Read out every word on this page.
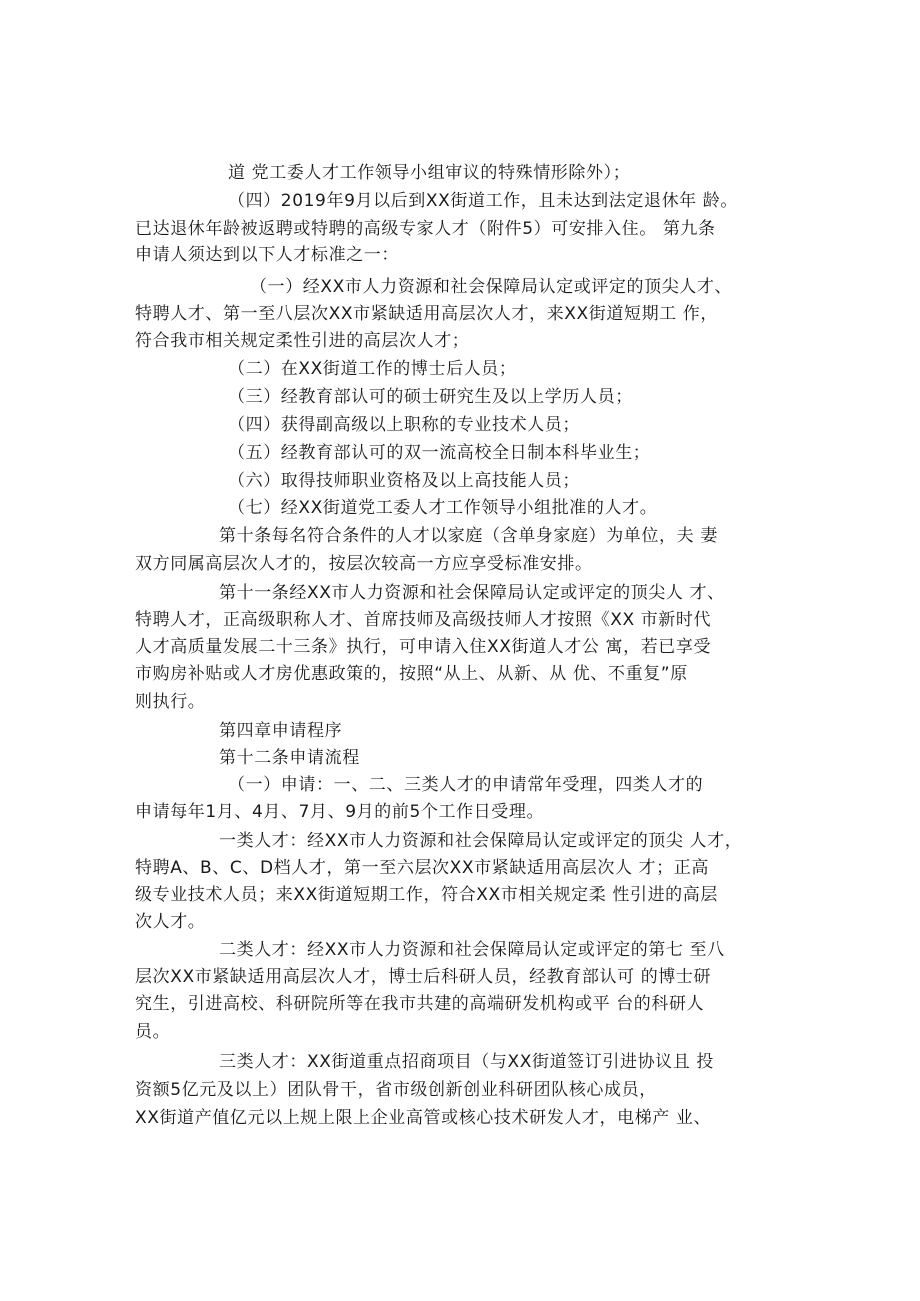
道 党工委人才工作领导小组审议的特殊情形除外）；

（四）2019年9月以后到XX街道工作，且未达到法定退休年 龄。

已达退休年龄被返聘或特聘的高级专家人才（附件5）可安排入住。 第九条

申请人须达到以下人才标准之一：

（一）经XX市人力资源和社会保障局认定或评定的顶尖人才、

特聘人才、第一至八层次XX市紧缺适用高层次人才，来XX街道短期工 作，

符合我市相关规定柔性引进的高层次人才；

（二）在XX街道工作的博士后人员；

（三）经教育部认可的硕士研究生及以上学历人员；

（四）获得副高级以上职称的专业技术人员；

（五）经教育部认可的双一流高校全日制本科毕业生；

（六）取得技师职业资格及以上高技能人员；

（七）经XX街道党工委人才工作领导小组批准的人才。

第十条每名符合条件的人才以家庭（含单身家庭）为单位，夫 妻

双方同属高层次人才的，按层次较高一方应享受标准安排。

第十一条经XX市人力资源和社会保障局认定或评定的顶尖人 才、

特聘人才，正高级职称人才、首席技师及高级技师人才按照《XX 市新时代

人才高质量发展二十三条》执行，可申请入住XX街道人才公 寓，若已享受

市购房补贴或人才房优惠政策的，按照“从上、从新、从 优、不重复”原

则执行。

第四章申请程序

第十二条申请流程

（一）申请：一、二、三类人才的申请常年受理，四类人才的

申请每年1月、4月、7月、9月的前5个工作日受理。

一类人才：经XX市人力资源和社会保障局认定或评定的顶尖 人才，

特聘A、B、C、D档人才，第一至六层次XX市紧缺适用高层次人 才；正高

级专业技术人员；来XX街道短期工作，符合XX市相关规定柔 性引进的高层

次人才。

二类人才：经XX市人力资源和社会保障局认定或评定的第七 至八

层次XX市紧缺适用高层次人才，博士后科研人员，经教育部认可 的博士研

究生，引进高校、科研院所等在我市共建的高端研发机构或平 台的科研人

员。

三类人才：XX街道重点招商项目（与XX街道签订引进协议且 投

资额5亿元及以上）团队骨干，省市级创新创业科研团队核心成员，

XX街道产值亿元以上规上限上企业高管或核心技术研发人才，电梯产 业、
